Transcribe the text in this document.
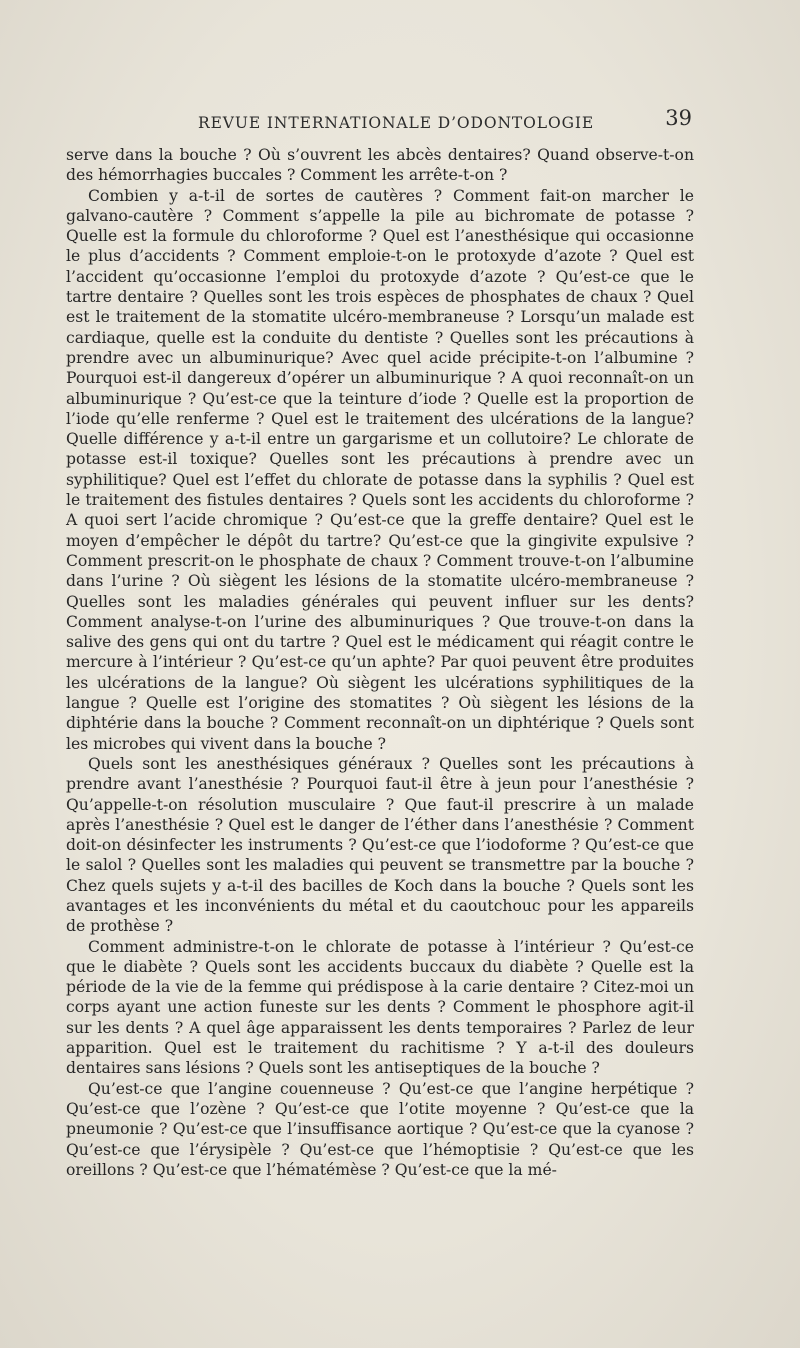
REVUE INTERNATIONALE D’ODONTOLOGIE	39

serve dans la bouche ? Où s’ouvrent les abcès dentaires? Quand observe-t-on des hémorrhagies buccales ? Comment les arrête-t-on ?

Combien y a-t-il de sortes de cautères ? Comment fait-on marcher le galvano-cautère ? Comment s’appelle la pile au bichromate de potasse ? Quelle est la formule du chloroforme ? Quel est l’anesthésique qui occasionne le plus d’accidents ? Comment emploie-t-on le protoxyde d’azote ? Quel est l’accident qu’occasionne l’emploi du protoxyde d’azote ? Qu’est-ce que le tartre dentaire ? Quelles sont les trois espèces de phosphates de chaux ? Quel est le traitement de la stomatite ulcéro-membraneuse ? Lorsqu’un malade est cardiaque, quelle est la conduite du dentiste ? Quelles sont les précautions à prendre avec un albuminurique? Avec quel acide précipite-t-on l’albumine ? Pourquoi est-il dangereux d’opérer un albuminurique ? A quoi reconnaît-on un albuminurique ? Qu’est-ce que la teinture d’iode ? Quelle est la proportion de l’iode qu’elle renferme ? Quel est le traitement des ulcérations de la langue? Quelle différence y a-t-il entre un gargarisme et un collutoire? Le chlorate de potasse est-il toxique? Quelles sont les précautions à prendre avec un syphilitique? Quel est l’effet du chlorate de potasse dans la syphilis ? Quel est le traitement des fistules dentaires ? Quels sont les accidents du chloroforme ? A quoi sert l’acide chromique ? Qu’est-ce que la greffe dentaire? Quel est le moyen d’empêcher le dépôt du tartre? Qu’est-ce que la gingivite expulsive ? Comment prescrit-on le phosphate de chaux ? Comment trouve-t-on l’albumine dans l’urine ? Où siègent les lésions de la stomatite ulcéro-membraneuse ? Quelles sont les maladies générales qui peuvent influer sur les dents? Comment analyse-t-on l’urine des albuminuriques ? Que trouve-t-on dans la salive des gens qui ont du tartre ? Quel est le médicament qui réagit contre le mercure à l’intérieur ? Qu’est-ce qu’un aphte? Par quoi peuvent être produites les ulcérations de la langue? Où siègent les ulcérations syphilitiques de la langue ? Quelle est l’origine des stomatites ? Où siègent les lésions de la diphtérie dans la bouche ? Comment reconnaît-on un diphtérique ? Quels sont les microbes qui vivent dans la bouche ?

Quels sont les anesthésiques généraux ? Quelles sont les précautions à prendre avant l’anesthésie ? Pourquoi faut-il être à jeun pour l’anesthésie ? Qu’appelle-t-on résolution musculaire ? Que faut-il prescrire à un malade après l’anesthésie ? Quel est le danger de l’éther dans l’anesthésie ? Comment doit-on désinfecter les instruments ? Qu’est-ce que l’iodoforme ? Qu’est-ce que le salol ? Quelles sont les maladies qui peuvent se transmettre par la bouche ? Chez quels sujets y a-t-il des bacilles de Koch dans la bouche ? Quels sont les avantages et les inconvénients du métal et du caoutchouc pour les appareils de prothèse ?

Comment administre-t-on le chlorate de potasse à l’intérieur ? Qu’est-ce que le diabète ? Quels sont les accidents buccaux du diabète ? Quelle est la période de la vie de la femme qui prédispose à la carie dentaire ? Citez-moi un corps ayant une action funeste sur les dents ? Comment le phosphore agit-il sur les dents ? A quel âge apparaissent les dents temporaires ? Parlez de leur apparition. Quel est le traitement du rachitisme ? Y a-t-il des douleurs dentaires sans lésions ? Quels sont les antiseptiques de la bouche ?

Qu’est-ce que l’angine couenneuse ? Qu’est-ce que l’angine herpétique ? Qu’est-ce que l’ozène ? Qu’est-ce que l’otite moyenne ? Qu’est-ce que la pneumonie ? Qu’est-ce que l’insuffisance aortique ? Qu’est-ce que la cyanose ? Qu’est-ce que l’érysipèle ? Qu’est-ce que l’hémoptisie ? Qu’est-ce que les oreillons ? Qu’est-ce que l’hématémèse ? Qu’est-ce que la mé-
